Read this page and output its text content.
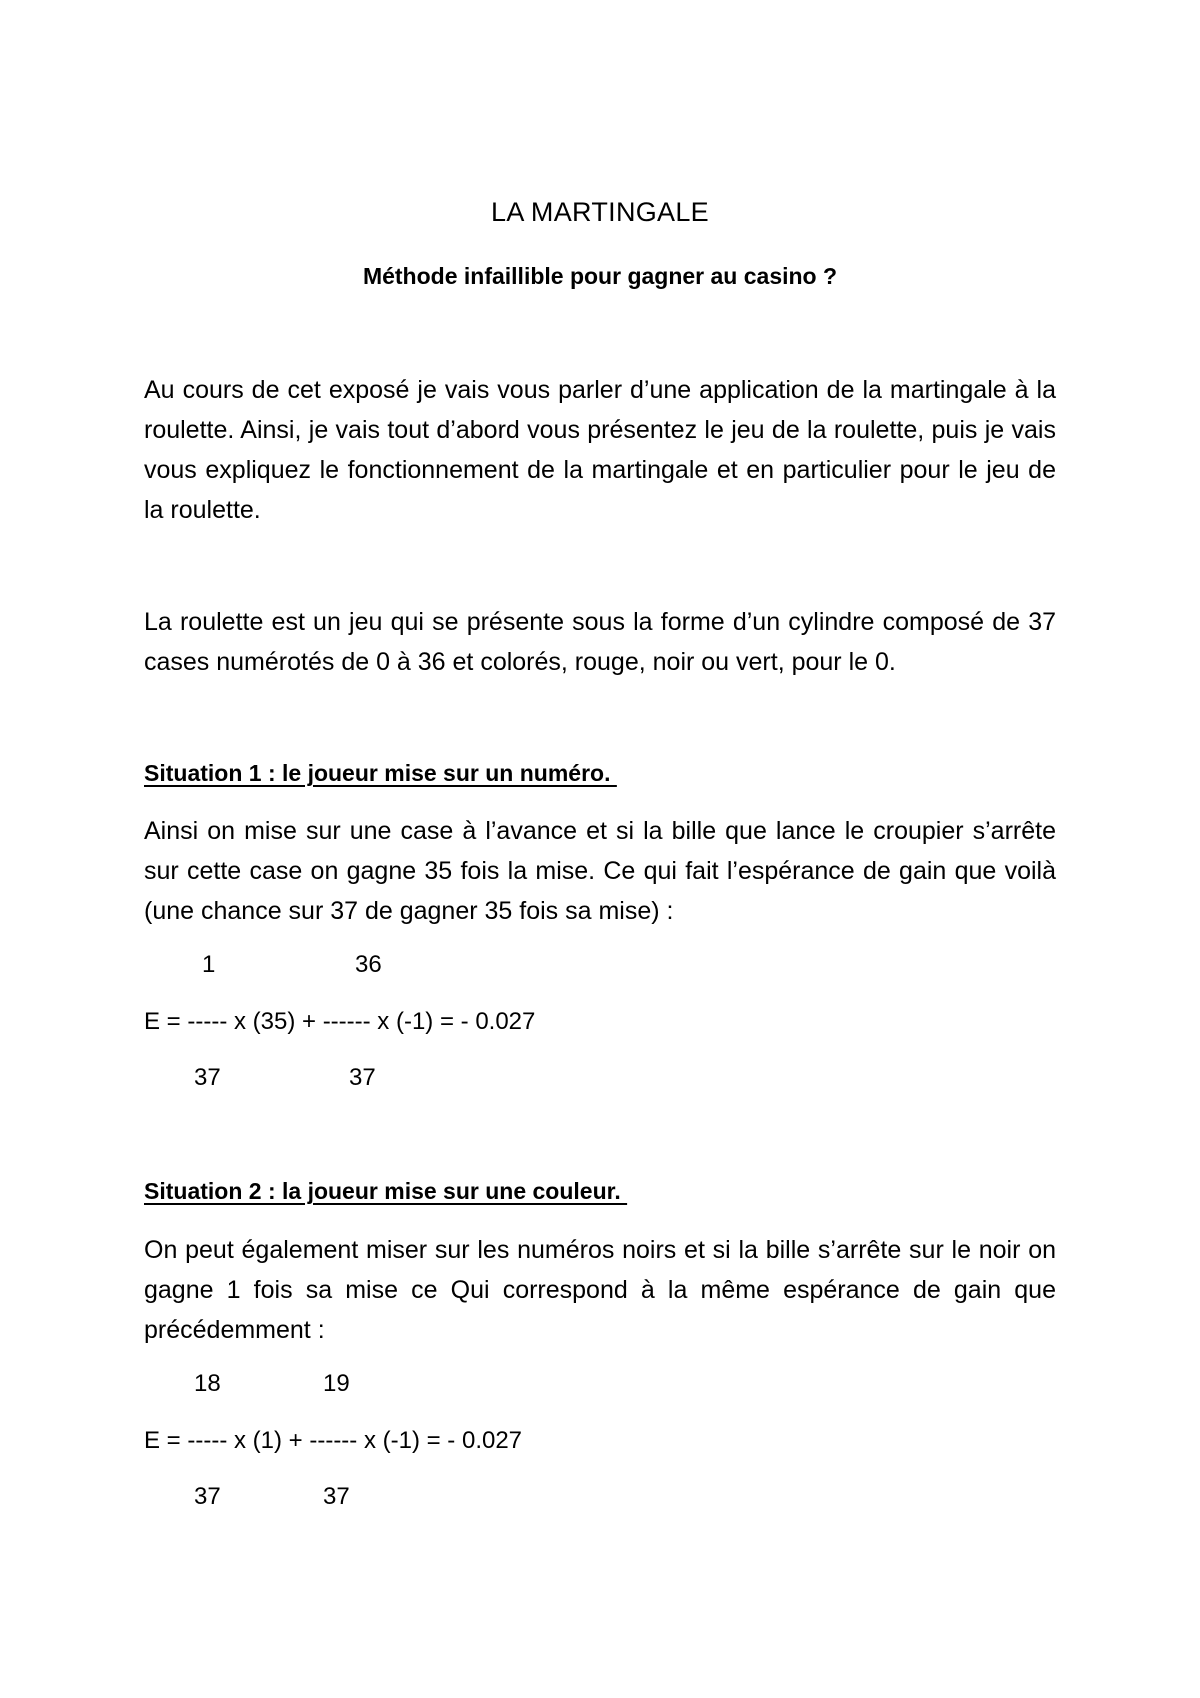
LA MARTINGALE
Méthode infaillible pour gagner au casino ?

Au cours de cet exposé je vais vous parler d’une application de la martingale à la roulette. Ainsi, je vais tout d’abord vous présentez le jeu de la roulette, puis je vais vous expliquez le fonctionnement de la martingale et en particulier pour le jeu de la roulette.

La roulette est un jeu qui se présente sous la forme d’un cylindre composé de 37 cases numérotés de 0 à 36 et colorés, rouge, noir ou vert, pour le 0.

Situation 1 : le joueur mise sur un numéro.

Ainsi on mise sur une case à l’avance et si la bille que lance le croupier s’arrête sur cette case on gagne 35 fois la mise. Ce qui fait l’espérance de gain que voilà (une chance sur 37 de gagner 35 fois sa mise) :

1	36

E = ----- x (35) + ------ x (-1) = - 0.027

37	37

Situation 2 : la joueur mise sur une couleur.

On peut également miser sur les numéros noirs et si la bille s’arrête sur le noir on gagne 1 fois sa mise ce Qui correspond à la même espérance de gain que précédemment :

18	19

E = ----- x (1) + ------ x (-1) = - 0.027

37	37
